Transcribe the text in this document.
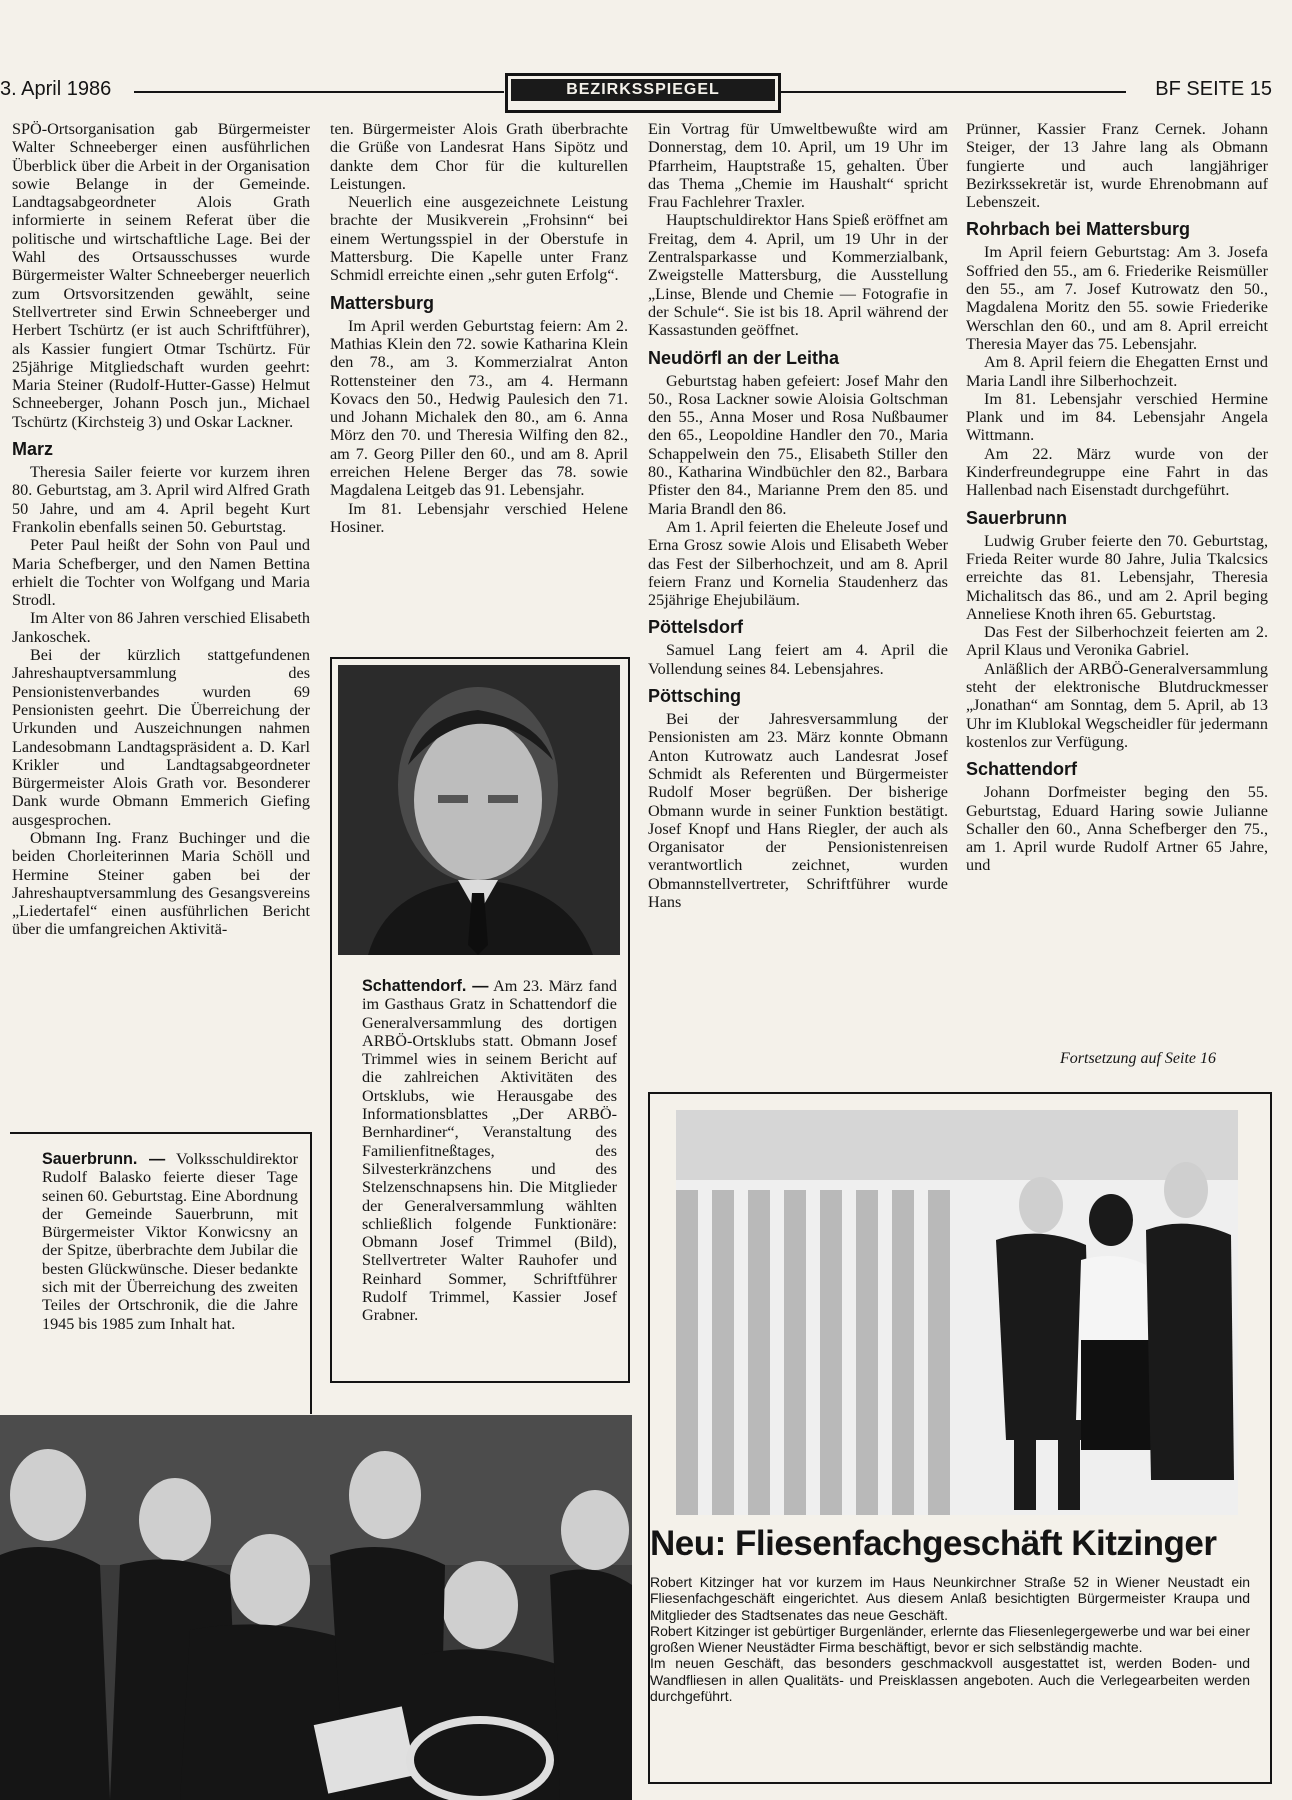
3. April 1986	BEZIRKSSPIEGEL	BF SEITE 15

SPÖ-Ortsorganisation gab Bürgermeister Walter Schneeberger einen ausführlichen Überblick über die Arbeit in der Organisation sowie Belange in der Gemeinde. Landtagsabgeordneter Alois Grath informierte in seinem Referat über die politische und wirtschaftliche Lage. Bei der Wahl des Ortsausschusses wurde Bürgermeister Walter Schneeberger neuerlich zum Ortsvorsitzenden gewählt, seine Stellvertreter sind Erwin Schneeberger und Herbert Tschürtz (er ist auch Schriftführer), als Kassier fungiert Otmar Tschürtz. Für 25jährige Mitgliedschaft wurden geehrt: Maria Steiner (Rudolf-Hutter-Gasse) Helmut Schneeberger, Johann Posch jun., Michael Tschürtz (Kirchsteig 3) und Oskar Lackner.

Marz

Theresia Sailer feierte vor kurzem ihren 80. Geburtstag, am 3. April wird Alfred Grath 50 Jahre, und am 4. April begeht Kurt Frankolin ebenfalls seinen 50. Geburtstag.

Peter Paul heißt der Sohn von Paul und Maria Schefberger, und den Namen Bettina erhielt die Tochter von Wolfgang und Maria Strodl.

Im Alter von 86 Jahren verschied Elisabeth Jankoschek.

Bei der kürzlich stattgefundenen Jahreshauptversammlung des Pensionistenverbandes wurden 69 Pensionisten geehrt. Die Überreichung der Urkunden und Auszeichnungen nahmen Landesobmann Landtagspräsident a. D. Karl Krikler und Landtagsabgeordneter Bürgermeister Alois Grath vor. Besonderer Dank wurde Obmann Emmerich Giefing ausgesprochen.

Obmann Ing. Franz Buchinger und die beiden Chorleiterinnen Maria Schöll und Hermine Steiner gaben bei der Jahreshauptversammlung des Gesangsvereins „Liedertafel“ einen ausführlichen Bericht über die umfangreichen Aktivitä-

Sauerbrunn. — Volksschuldirektor Rudolf Balasko feierte dieser Tage seinen 60. Geburtstag. Eine Abordnung der Gemeinde Sauerbrunn, mit Bürgermeister Viktor Konwicsny an der Spitze, überbrachte dem Jubilar die besten Glückwünsche. Dieser bedankte sich mit der Überreichung des zweiten Teiles der Ortschronik, die die Jahre 1945 bis 1985 zum Inhalt hat.

ten. Bürgermeister Alois Grath überbrachte die Grüße von Landesrat Hans Sipötz und dankte dem Chor für die kulturellen Leistungen.

Neuerlich eine ausgezeichnete Leistung brachte der Musikverein „Frohsinn“ bei einem Wertungsspiel in der Oberstufe in Mattersburg. Die Kapelle unter Franz Schmidl erreichte einen „sehr guten Erfolg“.

Mattersburg

Im April werden Geburtstag feiern: Am 2. Mathias Klein den 72. sowie Katharina Klein den 78., am 3. Kommerzialrat Anton Rottensteiner den 73., am 4. Hermann Kovacs den 50., Hedwig Paulesich den 71. und Johann Michalek den 80., am 6. Anna Mörz den 70. und Theresia Wilfing den 82., am 7. Georg Piller den 60., und am 8. April erreichen Helene Berger das 78. sowie Magdalena Leitgeb das 91. Lebensjahr.

Im 81. Lebensjahr verschied Helene Hosiner.

Schattendorf. — Am 23. März fand im Gasthaus Gratz in Schattendorf die Generalversammlung des dortigen ARBÖ-Ortsklubs statt. Obmann Josef Trimmel wies in seinem Bericht auf die zahlreichen Aktivitäten des Ortsklubs, wie Herausgabe des Informationsblattes „Der ARBÖ-Bernhardiner“, Veranstaltung des Familienfitneßtages, des Silvesterkränzchens und des Stelzenschnapsens hin. Die Mitglieder der Generalversammlung wählten schließlich folgende Funktionäre: Obmann Josef Trimmel (Bild), Stellvertreter Walter Rauhofer und Reinhard Sommer, Schriftführer Rudolf Trimmel, Kassier Josef Grabner.

Ein Vortrag für Umweltbewußte wird am Donnerstag, dem 10. April, um 19 Uhr im Pfarrheim, Hauptstraße 15, gehalten. Über das Thema „Chemie im Haushalt“ spricht Frau Fachlehrer Traxler.

Hauptschuldirektor Hans Spieß eröffnet am Freitag, dem 4. April, um 19 Uhr in der Zentralsparkasse und Kommerzialbank, Zweigstelle Mattersburg, die Ausstellung „Linse, Blende und Chemie — Fotografie in der Schule“. Sie ist bis 18. April während der Kassastunden geöffnet.

Neudörfl an der Leitha

Geburtstag haben gefeiert: Josef Mahr den 50., Rosa Lackner sowie Aloisia Goltschman den 55., Anna Moser und Rosa Nußbaumer den 65., Leopoldine Handler den 70., Maria Schappelwein den 75., Elisabeth Stiller den 80., Katharina Windbüchler den 82., Barbara Pfister den 84., Marianne Prem den 85. und Maria Brandl den 86.

Am 1. April feierten die Eheleute Josef und Erna Grosz sowie Alois und Elisabeth Weber das Fest der Silberhochzeit, und am 8. April feiern Franz und Kornelia Staudenherz das 25jährige Ehejubiläum.

Pöttelsdorf

Samuel Lang feiert am 4. April die Vollendung seines 84. Lebensjahres.

Pöttsching

Bei der Jahresversammlung der Pensionisten am 23. März konnte Obmann Anton Kutrowatz auch Landesrat Josef Schmidt als Referenten und Bürgermeister Rudolf Moser begrüßen. Der bisherige Obmann wurde in seiner Funktion bestätigt. Josef Knopf und Hans Riegler, der auch als Organisator der Pensionistenreisen verantwortlich zeichnet, wurden Obmannstellvertreter, Schriftführer wurde Hans

Prünner, Kassier Franz Cernek. Johann Steiger, der 13 Jahre lang als Obmann fungierte und auch langjähriger Bezirkssekretär ist, wurde Ehrenobmann auf Lebenszeit.

Rohrbach bei Mattersburg

Im April feiern Geburtstag: Am 3. Josefa Soffried den 55., am 6. Friederike Reismüller den 55., am 7. Josef Kutrowatz den 50., Magdalena Moritz den 55. sowie Friederike Werschlan den 60., und am 8. April erreicht Theresia Mayer das 75. Lebensjahr.

Am 8. April feiern die Ehegatten Ernst und Maria Landl ihre Silberhochzeit.

Im 81. Lebensjahr verschied Hermine Plank und im 84. Lebensjahr Angela Wittmann.

Am 22. März wurde von der Kinderfreundegruppe eine Fahrt in das Hallenbad nach Eisenstadt durchgeführt.

Sauerbrunn

Ludwig Gruber feierte den 70. Geburtstag, Frieda Reiter wurde 80 Jahre, Julia Tkalcsics erreichte das 81. Lebensjahr, Theresia Michalitsch das 86., und am 2. April beging Anneliese Knoth ihren 65. Geburtstag.

Das Fest der Silberhochzeit feierten am 2. April Klaus und Veronika Gabriel.

Anläßlich der ARBÖ-Generalversammlung steht der elektronische Blutdruckmesser „Jonathan“ am Sonntag, dem 5. April, ab 13 Uhr im Klublokal Wegscheidler für jedermann kostenlos zur Verfügung.

Schattendorf

Johann Dorfmeister beging den 55. Geburtstag, Eduard Haring sowie Julianne Schaller den 60., Anna Schefberger den 75., am 1. April wurde Rudolf Artner 65 Jahre, und

Fortsetzung auf Seite 16
Neu: Fliesenfachgeschäft Kitzinger

Robert Kitzinger hat vor kurzem im Haus Neunkirchner Straße 52 in Wiener Neustadt ein Fliesenfachgeschäft eingerichtet. Aus diesem Anlaß besichtigten Bürgermeister Kraupa und Mitglieder des Stadtsenates das neue Geschäft.

Robert Kitzinger ist gebürtiger Burgenländer, erlernte das Fliesenlegergewerbe und war bei einer großen Wiener Neustädter Firma beschäftigt, bevor er sich selbständig machte.

Im neuen Geschäft, das besonders geschmackvoll ausgestattet ist, werden Boden- und Wandfliesen in allen Qualitäts- und Preisklassen angeboten. Auch die Verlegearbeiten werden durchgeführt.
